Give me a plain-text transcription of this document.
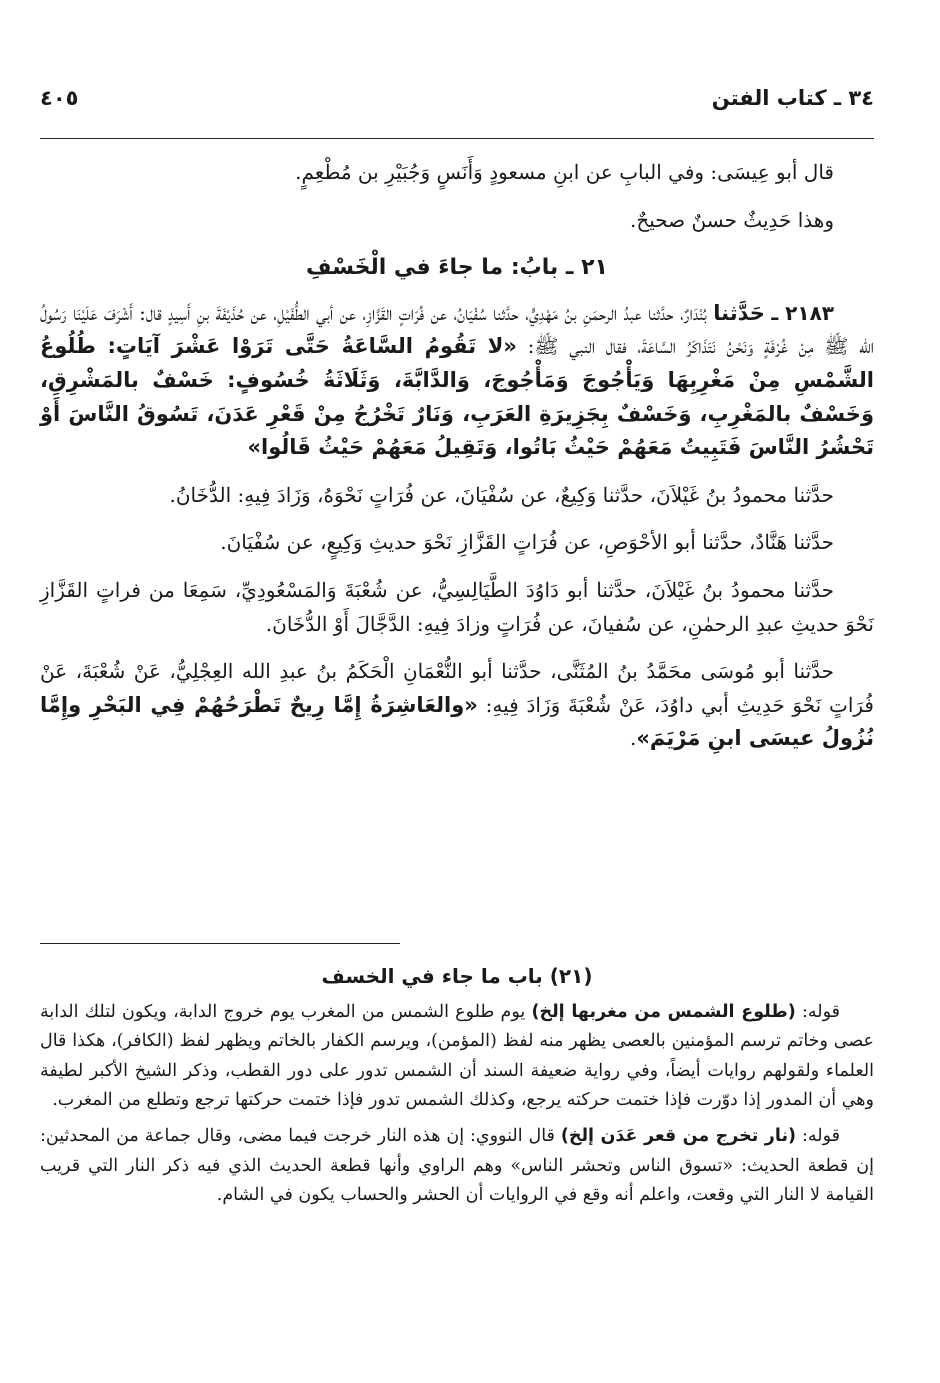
٣٤ ـ كتاب الفتن
٤٠٥

قال أبو عِيسَى: وفي البابِ عن ابنِ مسعودٍ وَأَنَسٍ وَجُبَيْرِ بن مُطْعِمٍ.

وهذا حَدِيثٌ حسنٌ صحيحٌ.

٢١ ـ بابُ: ما جاءَ في الْخَسْفِ

٢١٨٣ ـ حَدَّثنا بُنْدَارٌ، حدَّثنا عبدُ الرحمَنِ بنُ مَهْدِيٍّ، حدَّثنا سُفْيَانُ، عن فُرَاتٍ القَزَّازِ، عن أبي الطُّفَيْلِ، عن حُذَيْفَةَ بنِ أَسِيدٍ قال: أَشْرَفَ عَلَيْنَا رَسُولُ الله ﷺ مِنْ غُرْفَةٍ وَنَحْنُ نَتَذَاكَرُ السَّاعَةَ، فقال النبي ﷺ: «لا تَقُومُ السَّاعَةُ حَتَّى تَرَوْا عَشْرَ آيَاتٍ: طُلُوعُ الشَّمْسِ مِنْ مَغْرِبِهَا وَيَأْجُوجَ وَمَأْجُوجَ، وَالدَّابَّةَ، وَثَلَاثَةُ خُسُوفٍ: خَسْفٌ بالمَشْرِقِ، وَخَسْفٌ بالمَغْرِبِ، وَخَسْفٌ بِجَزِيرَةِ العَرَبِ، وَنَارٌ تَخْرُجُ مِنْ قَعْرِ عَدَنَ، تَسُوقُ النَّاسَ أَوْ تَحْشُرُ النَّاسَ فَتَبِيتُ مَعَهُمْ حَيْثُ بَاتُوا، وَتَقِيلُ مَعَهُمْ حَيْثُ قَالُوا»

حدَّثنا محمودُ بنُ غَيْلاَنَ، حدَّثنا وَكِيعٌ، عن سُفْيَانَ، عن فُرَاتٍ نَحْوَهُ، وَزَادَ فِيهِ: الدُّخَانُ.

حدَّثنا هَنَّادٌ، حدَّثنا أبو الأحْوَصِ، عن فُرَاتٍ القَزَّازِ نَحْوَ حديثِ وَكِيعٍ، عن سُفْيَانَ.

حدَّثنا محمودُ بنُ غَيْلاَنَ، حدَّثنا أبو دَاوُدَ الطَّيَالِسِيُّ، عن شُعْبَةَ وَالمَسْعُودِيِّ، سَمِعَا من فراتٍ القَزَّازِ نَحْوَ حديثِ عبدِ الرحمٰنِ، عن سُفيانَ، عن فُرَاتٍ وزادَ فِيهِ: الدَّجَّالَ أَوْ الدُّخَانَ.

حدَّثنا أبو مُوسَى محَمَّدُ بنُ المُثَنَّى، حدَّثنا أبو النُّعْمَانِ الْحَكَمُ بنُ عبدِ الله العِجْلِيُّ، عَنْ شُعْبَةَ، عَنْ فُرَاتٍ نَحْوَ حَدِيثِ أبي داوُدَ، عَنْ شُعْبَةَ وَزَادَ فِيهِ: «والعَاشِرَةُ إِمَّا رِيحٌ تَطْرَحُهُمْ فِي البَحْرِ وإِمَّا نُزُولُ عيسَى ابنِ مَرْيَمَ».

(٢١) باب ما جاء في الخسف

قوله: (طلوع الشمس من مغربها إلخ) يوم طلوع الشمس من المغرب يوم خروج الدابة، ويكون لتلك الدابة عصى وخاتم ترسم المؤمنين بالعصى يظهر منه لفظ (المؤمن)، ويرسم الكفار بالخاتم ويظهر لفظ (الكافر)، هكذا قال العلماء ولقولهم روايات أيضاً، وفي رواية ضعيفة السند أن الشمس تدور على دور القطب، وذكر الشيخ الأكبر لطيفة وهي أن المدور إذا دوّرت فإذا ختمت حركته يرجع، وكذلك الشمس تدور فإذا ختمت حركتها ترجع وتطلع من المغرب.

قوله: (نار تخرج من قعر عَدَن إلخ) قال النووي: إن هذه النار خرجت فيما مضى، وقال جماعة من المحدثين: إن قطعة الحديث: «تسوق الناس وتحشر الناس» وهم الراوي وأنها قطعة الحديث الذي فيه ذكر النار التي قريب القيامة لا النار التي وقعت، واعلم أنه وقع في الروايات أن الحشر والحساب يكون في الشام.
